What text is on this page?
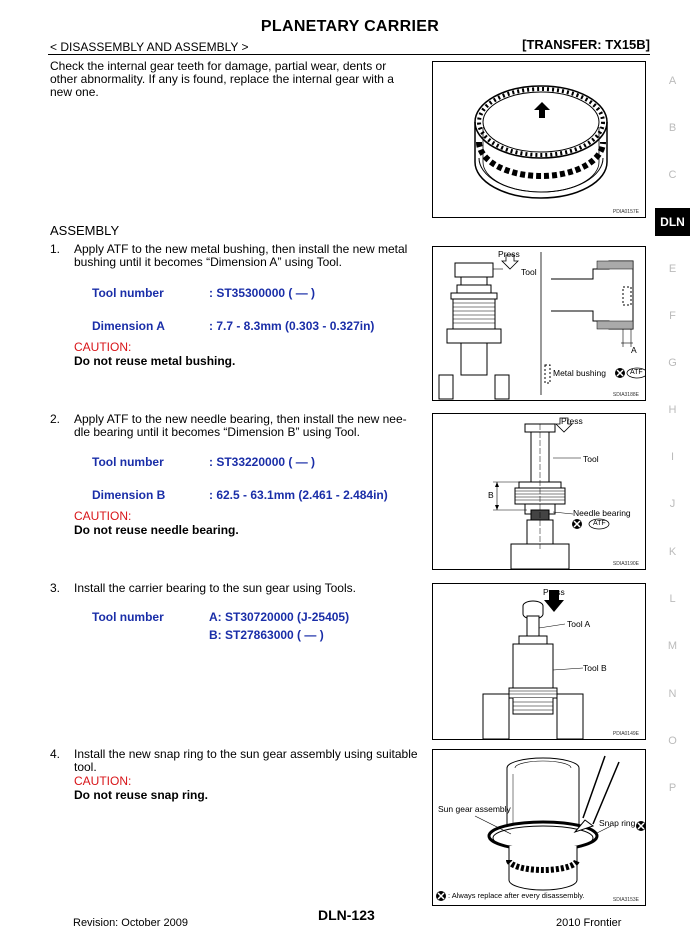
PLANETARY CARRIER
< DISASSEMBLY AND ASSEMBLY >	[TRANSFER: TX15B]
Check the internal gear teeth for damage, partial wear, dents or
other abnormality. If any is found, replace the internal gear with a
new one.
PDIA0157E
ASSEMBLY
1. Apply ATF to the new metal bushing, then install the new metal
bushing until it becomes “Dimension A” using Tool.
Tool number	: ST35300000 ( — )
Dimension A	: 7.7 - 8.3mm (0.303 - 0.327in)
CAUTION:
Do not reuse metal bushing.
Press
Tool
A
Metal bushing	ATF
SDIA3188E
2. Apply ATF to the new needle bearing, then install the new nee-
dle bearing until it becomes “Dimension B” using Tool.
Tool number	: ST33220000 ( — )
Dimension B	: 62.5 - 63.1mm (2.461 - 2.484in)
CAUTION:
Do not reuse needle bearing.
Press
Tool
B
Needle bearing
ATF
SDIA3190E
3. Install the carrier bearing to the sun gear using Tools.
Tool number	A: ST30720000 (J-25405)
B: ST27863000 ( — )
Press
Tool A
Tool B
PDIA0149E
4. Install the new snap ring to the sun gear assembly using suitable
tool.
CAUTION:
Do not reuse snap ring.
Sun gear assembly
Snap ring
: Always replace after every disassembly.	SDIA3153E
A
B
C
DLN
E
F
G
H
I
J
K
L
M
N
O
P
Revision: October 2009	DLN-123	2010 Frontier
